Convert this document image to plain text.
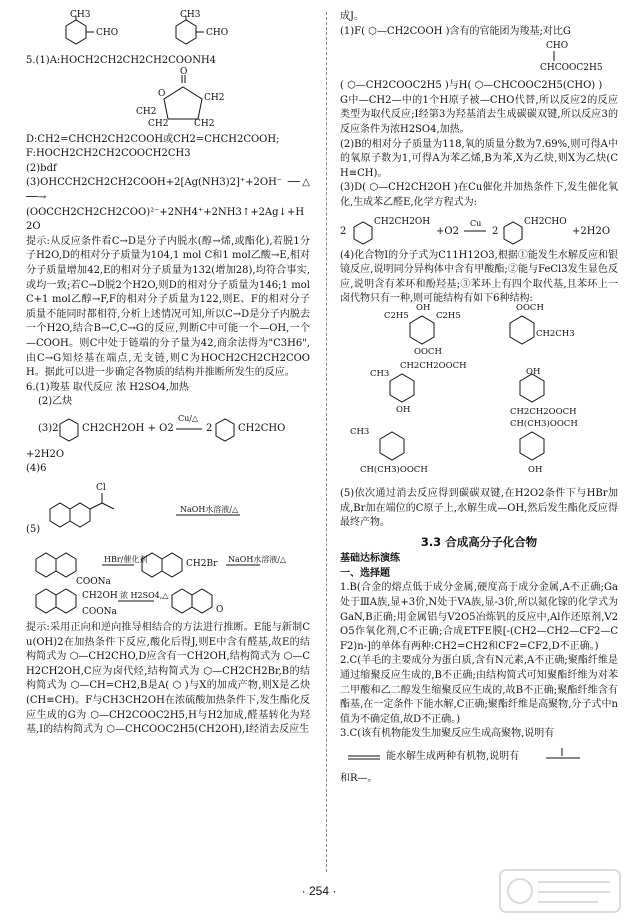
CH3
CHO
CH3
CHO

5.(1)A:HOCH2CH2CH2CH2COONH4

O
O
CH2
CH2
CH2	CH2

D:CH2=CHCH2CH2COOH或CH2=CHCH2COOH;

F:HOCH2CH2CH2COOCH2CH3

(2)bdf

(3)OHCCH2CH2CH2COOH+2[Ag(NH3)2]⁺+2OH⁻ ──△──→

(OOCCH2CH2CH2COO)²⁻+2NH4⁺+2NH3↑+2Ag↓+H2O

提示:从反应条件看C→D是分子内脱水(醇→烯,或酯化),若脱1分子H2O,D的相对分子质量为104,1 mol C和1 mol乙酸→E,相对分子质量增加42,E的相对分子质量为132(增加28),均符合事实,或均一致;若C→D脱2个H2O,则D的相对分子质量为146;1 mol C+1 mol乙醇→F,F的相对分子质量为122,则E、F的相对分子质量不能同时都相符,分析上述情况可知,所以C→D是分子内脱去一个H2O,结合B→C,C→G的反应,判断C中可能一个—OH,一个—COOH。则C中处于链端的分子量为42,商余法得为"C3H6",由C→G知烃基在端点,无支链,则C为HOCH2CH2CH2COOH。据此可以进一步确定各物质的结构并推断所发生的反应。

6.(1)羧基 取代反应 浓 H2SO4,加热

(2)乙炔

(3)2 CH2CH2OH + O2
Cu/△
2	CH2CHO

+2H2O

(4)6

(5)
Cl
NaOH水溶液/△
COONa
HBr/催化剂	CH2Br NaOH水溶液/△
CH2OH
COONa
浓 H2SO4,△
O

提示:采用正向和逆向推导相结合的方法进行推断。E能与新制Cu(OH)2在加热条件下反应,酸化后得J,则E中含有醛基,故E的结构简式为 ⬡—CH2CHO,D应含有一CH2OH,结构简式为 ⬡—CH2CH2OH,C应为卤代烃,结构简式为 ⬡—CH2CH2Br,B的结构简式为 ⬡—CH=CH2,B是A( ⬡ )与X的加成产物,则X是乙炔(CH≡CH)。F与CH3CH2OH在浓硫酸加热条件下,发生酯化反应生成的G为 ⬡—CH2COOC2H5,H与H2加成,醛基转化为羟基,I的结构简式为 ⬡—CHCOOC2H5(CH2OH),I经消去反应生

成J。

(1)F( ⬡—CH2COOH )含有的官能团为羧基;对比G

CHO
CHCOOC2H5

( ⬡—CH2COOC2H5 )与H( ⬡—CHCOOC2H5(CHO) )

G中—CH2—中的1个H原子被—CHO代替,所以反应2的反应类型为取代反应;I经第3为羟基消去生成碳碳双键,所以反应3的反应条件为浓H2SO4,加热。

(2)B的相对分子质量为118,氧的质量分数为7.69%,则可得A中的氧原子数为1,可得A为苯乙烯,B为苯,X为乙炔,则X为乙炔(CH≡CH)。

(3)D( ⬡—CH2CH2OH )在Cu催化并加热条件下,发生催化氧化,生成苯乙醛E,化学方程式为:

2
CH2CH2OH
+O2
Cu
2
CH2CHO
+2H2O

(4)化合物I的分子式为C11H12O3,根据①能发生水解反应和银镜反应,说明同分异构体中含有甲酸酯;②能与FeCl3发生显色反应,说明含有苯环和酚羟基;③苯环上有四个取代基,且苯环上一卤代物只有一种,则可能结构有如下6种结构:

C2H5
OH
C2H5
OOCH
OOCH
CH2CH3
CH3
OH
CH2CH2OOCH
OH
CH2CH2OOCH
CH3
CH(CH3)OOCH
CH(CH3)OOCH
OH

(5)依次通过消去反应得到碳碳双键,在H2O2条件下与HBr加成,Br加在端位的C原子上,水解生成—OH,然后发生酯化反应得最终产物。

3.3 合成高分子化合物

基础达标演练

一、选择题

1.B(合金的熔点低于成分金属,硬度高于成分金属,A不正确;Ga处于ⅢA族,显+3价,N处于VA族,显-3价,所以氮化镓的化学式为GaN,B正确;用金属铝与V2O5冶炼钒的反应中,Al作还原剂,V2O5作氧化剂,C不正确;合成ETFE膜[-(CH2—CH2—CF2—CF2)n-]的单体有两种:CH2=CH2和CF2=CF2,D不正确。)

2.C(羊毛的主要成分为蛋白质,含有N元素,A不正确;聚酯纤维是通过缩聚反应生成的,B不正确;由结构简式可知聚酯纤维为对苯二甲酸和乙二醇发生缩聚反应生成的,故B不正确;聚酯纤维含有酯基,在一定条件下能水解,C正确;聚酯纤维是高聚物,分子式中n值为不确定值,故D不正确。)

3.C(该有机物能发生加聚反应生成高聚物,说明有

能水解生成两种有机物,说明有

和R—。

· 254 ·
